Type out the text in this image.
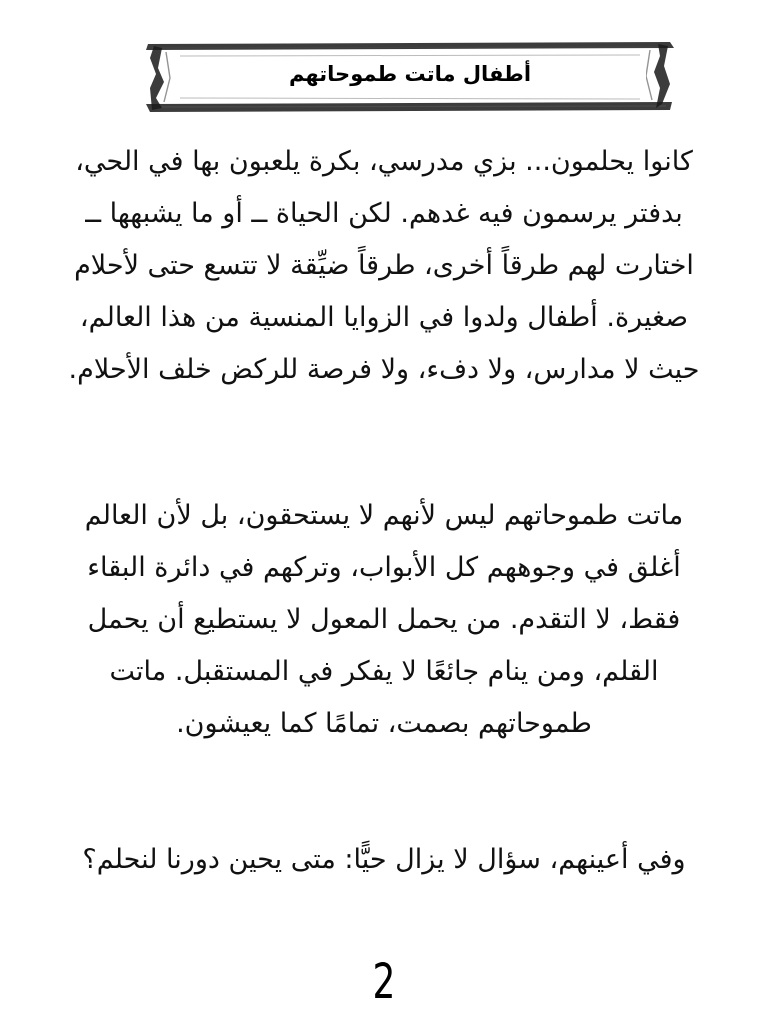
أطفال ماتت طموحاتهم

كانوا يحلمون... بزي مدرسي، بكرة يلعبون بها في الحي، بدفتر يرسمون فيه غدهم. لكن الحياة ــ أو ما يشبهها ــ اختارت لهم طرقاً أخرى، طرقاً ضيِّقة لا تتسع حتى لأحلام صغيرة. أطفال ولدوا في الزوايا المنسية من هذا العالم، حيث لا مدارس، ولا دفء، ولا فرصة للركض خلف الأحلام.

ماتت طموحاتهم ليس لأنهم لا يستحقون، بل لأن العالم أغلق في وجوههم كل الأبواب، وتركهم في دائرة البقاء فقط، لا التقدم. من يحمل المعول لا يستطيع أن يحمل القلم، ومن ينام جائعًا لا يفكر في المستقبل. ماتت طموحاتهم بصمت، تمامًا كما يعيشون.

وفي أعينهم، سؤال لا يزال حيًّا: متى يحين دورنا لنحلم؟

2
